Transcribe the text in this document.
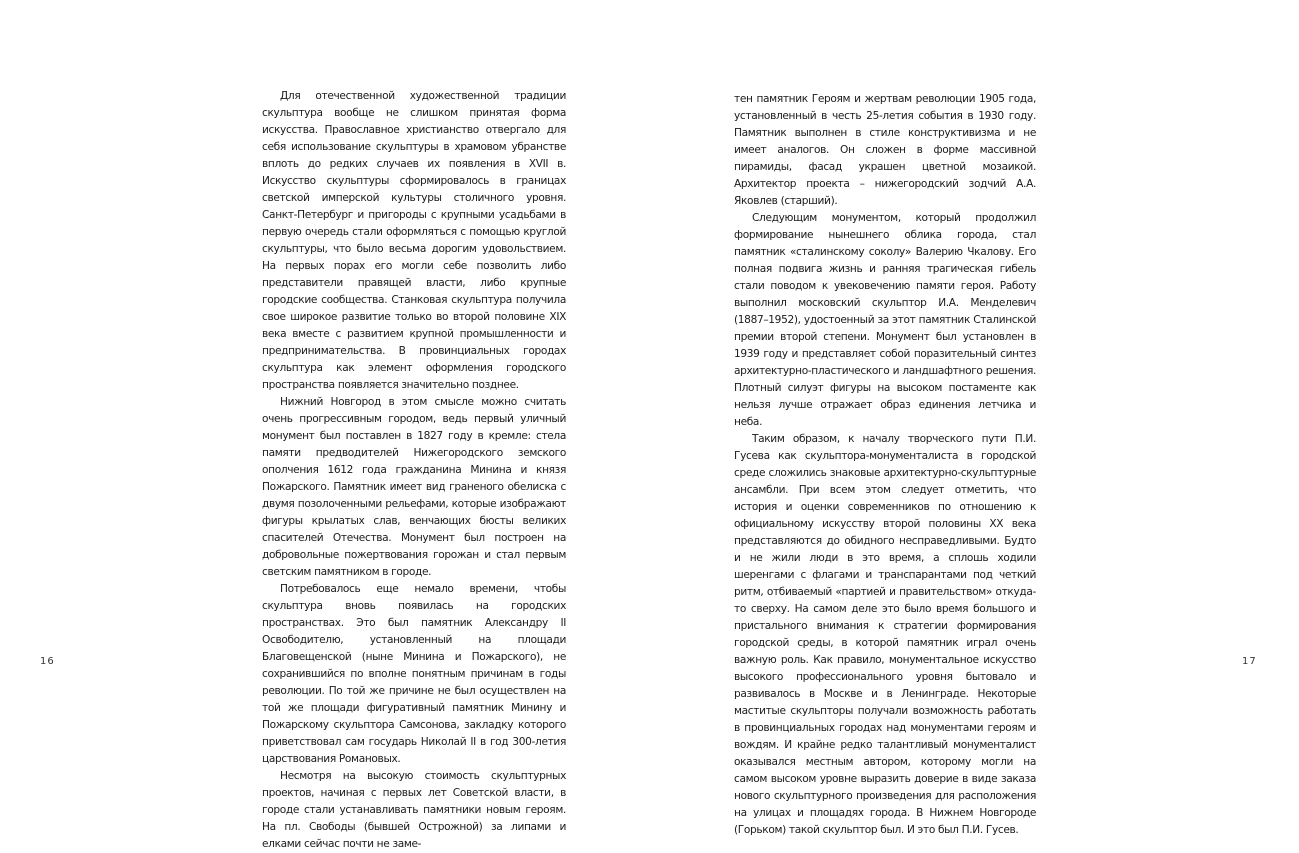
Для отечественной художественной традиции скульптура вообще не слишком принятая форма искусства. Православное христианство отвергало для себя использование скульптуры в храмовом убранстве вплоть до редких случаев их появления в XVII в. Искусство скульптуры сформировалось в границах светской имперской культуры столичного уровня. Санкт-Петербург и пригороды с крупными усадьбами в первую очередь стали оформляться с помощью круглой скульптуры, что было весьма дорогим удовольствием. На первых порах его могли себе позволить либо представители правящей власти, либо крупные городские сообщества. Станковая скульптура получила свое широкое развитие только во второй половине XIX века вместе с развитием крупной промышленности и предпринимательства. В провинциальных городах скульптура как элемент оформления городского пространства появляется значительно позднее.

Нижний Новгород в этом смысле можно считать очень прогрессивным городом, ведь первый уличный монумент был поставлен в 1827 году в кремле: стела памяти предводителей Нижегородского земского ополчения 1612 года гражданина Минина и князя Пожарского. Памятник имеет вид граненого обелиска с двумя позолоченными рельефами, которые изображают фигуры крылатых слав, венчающих бюсты великих спасителей Отечества. Монумент был построен на добровольные пожертвования горожан и стал первым светским памятником в городе.

Потребовалось еще немало времени, чтобы скульптура вновь появилась на городских пространствах. Это был памятник Александру II Освободителю, установленный на площади Благовещенской (ныне Минина и Пожарского), не сохранившийся по вполне понятным причинам в годы революции. По той же причине не был осуществлен на той же площади фигуративный памятник Минину и Пожарскому скульптора Самсонова, закладку которого приветствовал сам государь Николай II в год 300-летия царствования Романовых.

Несмотря на высокую стоимость скульптурных проектов, начиная с первых лет Советской власти, в городе стали устанавливать памятники новым героям. На пл. Свободы (бывшей Острожной) за липами и елками сейчас почти не заме-

16

тен памятник Героям и жертвам революции 1905 года, установленный в честь 25-летия события в 1930 году. Памятник выполнен в стиле конструктивизма и не имеет аналогов. Он сложен в форме массивной пирамиды, фасад украшен цветной мозаикой. Архитектор проекта – нижегородский зодчий А.А. Яковлев (старший).

Следующим монументом, который продолжил формирование нынешнего облика города, стал памятник «сталинскому соколу» Валерию Чкалову. Его полная подвига жизнь и ранняя трагическая гибель стали поводом к увековечению памяти героя. Работу выполнил московский скульптор И.А. Менделевич (1887–1952), удостоенный за этот памятник Сталинской премии второй степени. Монумент был установлен в 1939 году и представляет собой поразительный синтез архитектурно-пластического и ландшафтного решения. Плотный силуэт фигуры на высоком постаменте как нельзя лучше отражает образ единения летчика и неба.

Таким образом, к началу творческого пути П.И. Гусева как скульптора-монументалиста в городской среде сложились знаковые архитектурно-скульптурные ансамбли. При всем этом следует отметить, что история и оценки современников по отношению к официальному искусству второй половины XX века представляются до обидного несправедливыми. Будто и не жили люди в это время, а сплошь ходили шеренгами с флагами и транспарантами под четкий ритм, отбиваемый «партией и правительством» откуда-то сверху. На самом деле это было время большого и пристального внимания к стратегии формирования городской среды, в которой памятник играл очень важную роль. Как правило, монументальное искусство высокого профессионального уровня бытовало и развивалось в Москве и в Ленинграде. Некоторые маститые скульпторы получали возможность работать в провинциальных городах над монументами героям и вождям. И крайне редко талантливый монументалист оказывался местным автором, которому могли на самом высоком уровне выразить доверие в виде заказа нового скульптурного произведения для расположения на улицах и площадях города. В Нижнем Новгороде (Горьком) такой скульптор был. И это был П.И. Гусев.

17
